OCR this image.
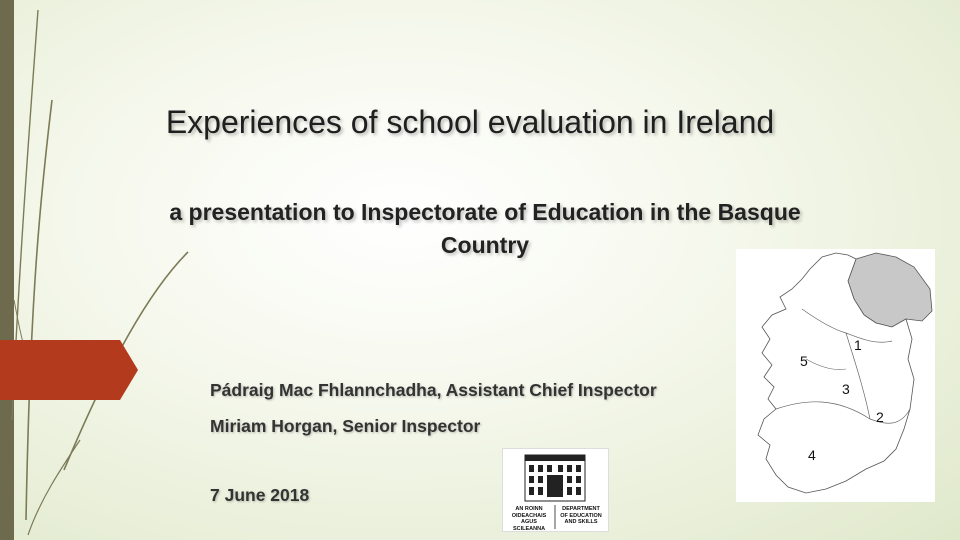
Experiences of school evaluation in Ireland
a presentation to Inspectorate of Education in the Basque Country
Pádraig Mac Fhlannchadha, Assistant Chief Inspector
Miriam Horgan, Senior Inspector
7 June 2018
1
5
3
2
4
AN ROINN
OIDEACHAIS
AGUS SCILEANNA
DEPARTMENT
OF EDUCATION
AND SKILLS
